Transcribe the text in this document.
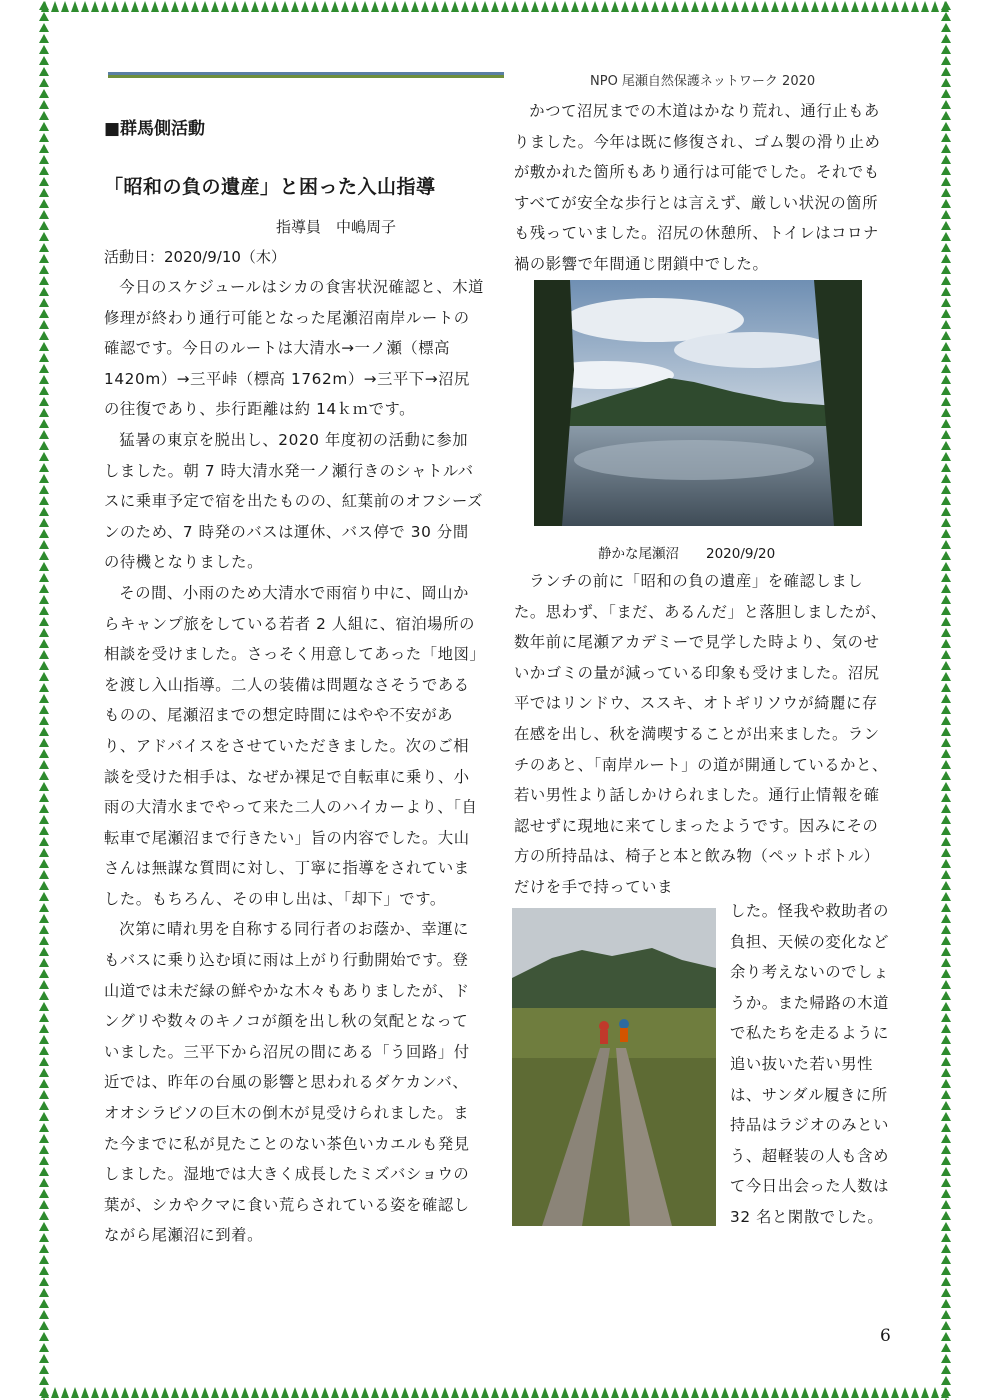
NPO 尾瀬自然保護ネットワーク 2020
■群馬側活動
「昭和の負の遺産」と困った入山指導
指導員　中嶋周子
活動日：2020/9/10（木）

今日のスケジュールはシカの食害状況確認と、木道修理が終わり通行可能となった尾瀬沼南岸ルートの確認です。今日のルートは大清水→一ノ瀬（標高 1420m）→三平峠（標高 1762m）→三平下→沼尻の往復であり、歩行距離は約 14ｋｍです。

猛暑の東京を脱出し、2020 年度初の活動に参加しました。朝 7 時大清水発一ノ瀬行きのシャトルバスに乗車予定で宿を出たものの、紅葉前のオフシーズンのため、7 時発のバスは運休、バス停で 30 分間の待機となりました。

その間、小雨のため大清水で雨宿り中に、岡山からキャンプ旅をしている若者 2 人組に、宿泊場所の相談を受けました。さっそく用意してあった「地図」を渡し入山指導。二人の装備は問題なさそうであるものの、尾瀬沼までの想定時間にはやや不安があり、アドバイスをさせていただきました。次のご相談を受けた相手は、なぜか裸足で自転車に乗り、小雨の大清水までやって来た二人のハイカーより、「自転車で尾瀬沼まで行きたい」旨の内容でした。大山さんは無謀な質問に対し、丁寧に指導をされていました。もちろん、その申し出は、「却下」です。

次第に晴れ男を自称する同行者のお蔭か、幸運にもバスに乗り込む頃に雨は上がり行動開始です。登山道では未だ緑の鮮やかな木々もありましたが、ドングリや数々のキノコが顔を出し秋の気配となっていました。三平下から沼尻の間にある「う回路」付近では、昨年の台風の影響と思われるダケカンバ、オオシラビソの巨木の倒木が見受けられました。また今までに私が見たことのない茶色いカエルも発見しました。湿地では大きく成長したミズバショウの葉が、シカやクマに食い荒らされている姿を確認しながら尾瀬沼に到着。

かつて沼尻までの木道はかなり荒れ、通行止もありました。今年は既に修復され、ゴム製の滑り止めが敷かれた箇所もあり通行は可能でした。それでもすべてが安全な歩行とは言えず、厳しい状況の箇所も残っていました。沼尻の休憩所、トイレはコロナ禍の影響で年間通じ閉鎖中でした。

静かな尾瀬沼　　2020/9/20

ランチの前に「昭和の負の遺産」を確認しました。思わず、「まだ、あるんだ」と落胆しましたが、数年前に尾瀬アカデミーで見学した時より、気のせいかゴミの量が減っている印象も受けました。沼尻平ではリンドウ、ススキ、オトギリソウが綺麗に存在感を出し、秋を満喫することが出来ました。ランチのあと、「南岸ルート」の道が開通しているかと、若い男性より話しかけられました。通行止情報を確認せずに現地に来てしまったようです。因みにその方の所持品は、椅子と本と飲み物（ペットボトル）だけを手で持っていま

した。怪我や救助者の負担、天候の変化など余り考えないのでしょうか。また帰路の木道で私たちを走るように追い抜いた若い男性は、サンダル履きに所持品はラジオのみという、超軽装の人も含めて今日出会った人数は 32 名と閑散でした。

6
